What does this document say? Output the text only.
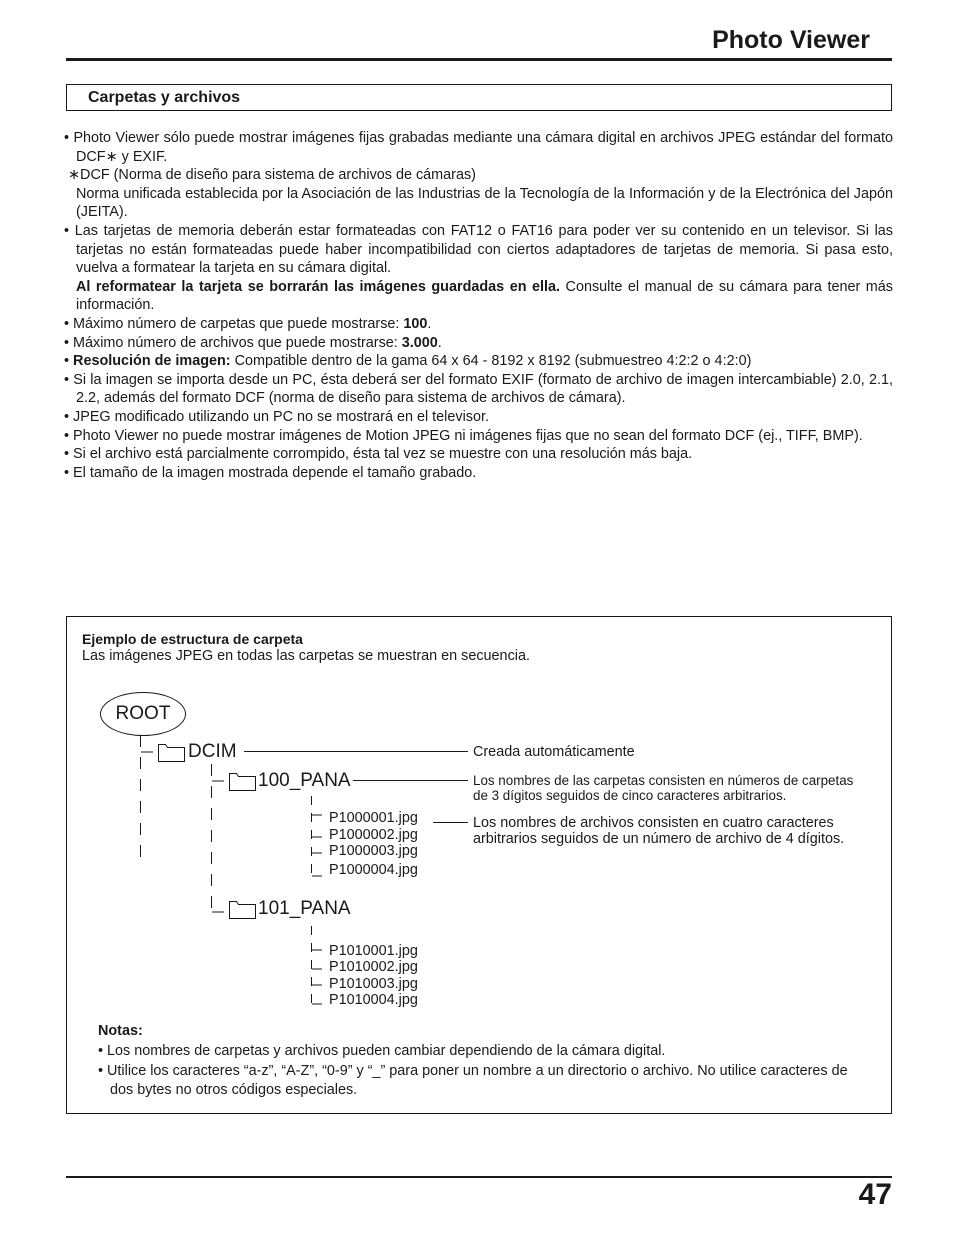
Photo Viewer
Carpetas y archivos

• Photo Viewer sólo puede mostrar imágenes fijas grabadas mediante una cámara digital en archivos JPEG estándar del formato DCF∗ y EXIF.

∗DCF (Norma de diseño para sistema de archivos de cámaras)

Norma unificada establecida por la Asociación de las Industrias de la Tecnología de la Información y de la Electrónica del Japón (JEITA).

• Las tarjetas de memoria deberán estar formateadas con FAT12 o FAT16 para poder ver su contenido en un televisor. Si las tarjetas no están formateadas puede haber incompatibilidad con ciertos adaptadores de tarjetas de memoria. Si pasa esto, vuelva a formatear la tarjeta en su cámara digital.

Al reformatear la tarjeta se borrarán las imágenes guardadas en ella. Consulte el manual de su cámara para tener más información.

• Máximo número de carpetas que puede mostrarse: 100.

• Máximo número de archivos que puede mostrarse: 3.000.

• Resolución de imagen: Compatible dentro de la gama 64 x 64 - 8192 x 8192 (submuestreo 4:2:2 o 4:2:0)

• Si la imagen se importa desde un PC, ésta deberá ser del formato EXIF (formato de archivo de imagen intercambiable) 2.0, 2.1, 2.2, además del formato DCF (norma de diseño para sistema de archivos de cámara).

• JPEG modificado utilizando un PC no se mostrará en el televisor.

• Photo Viewer no puede mostrar imágenes de Motion JPEG ni imágenes fijas que no sean del formato DCF (ej., TIFF, BMP).

• Si el archivo está parcialmente corrompido, ésta tal vez se muestre con una resolución más baja.

• El tamaño de la imagen mostrada depende el tamaño grabado.

Ejemplo de estructura de carpeta
Las imágenes JPEG en todas las carpetas se muestran en secuencia.
ROOT
DCIM
100_PANA
101_PANA
P1000001.jpg
P1000002.jpg
P1000003.jpg
P1000004.jpg
P1010001.jpg
P1010002.jpg
P1010003.jpg
P1010004.jpg
Creada automáticamente
Los nombres de las carpetas consisten en números de carpetas
de 3 dígitos seguidos de cinco caracteres arbitrarios.
Los nombres de archivos consisten en cuatro caracteres
arbitrarios seguidos de un número de archivo de 4 dígitos.
Notas:

• Los nombres de carpetas y archivos pueden cambiar dependiendo de la cámara digital.

• Utilice los caracteres “a-z”, “A-Z”, “0-9” y “_” para poner un nombre a un directorio o archivo. No utilice caracteres de dos bytes no otros códigos especiales.

47
